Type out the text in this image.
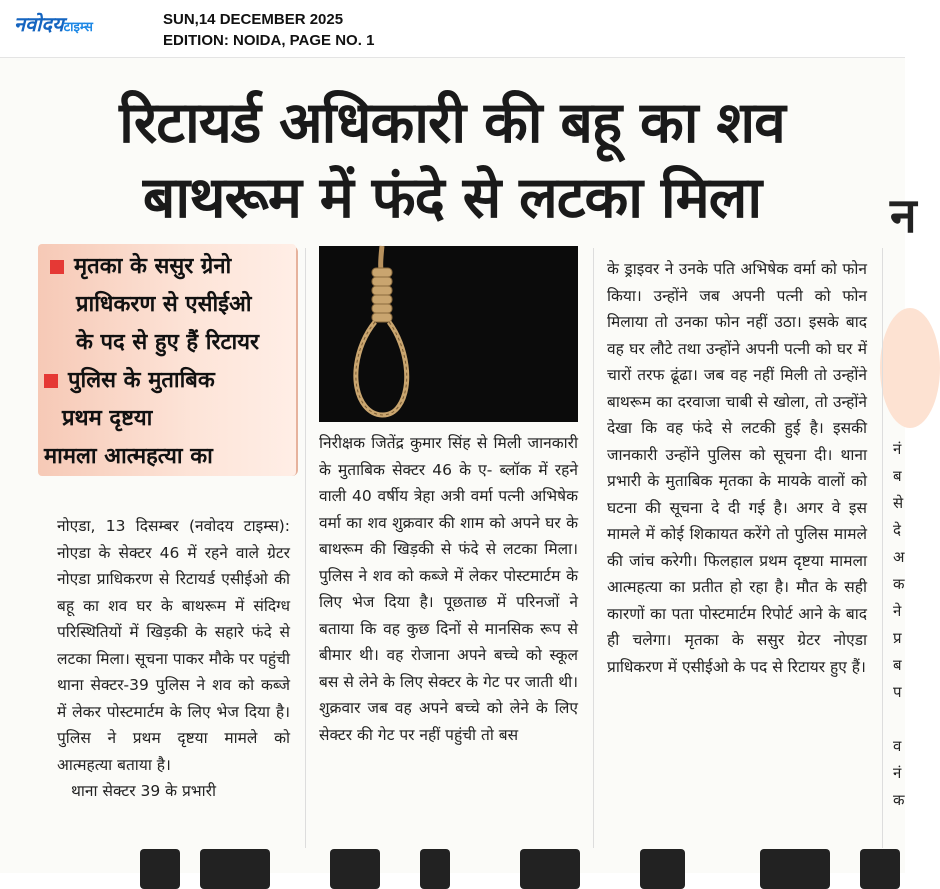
नवोदयटाइम्स	SUN,14 DECEMBER 2025
EDITION: NOIDA, PAGE NO. 1
रिटायर्ड अधिकारी की बहू का शव
बाथरूम में फंदे से लटका मिला	न
मृतका के ससुर ग्रेनो
प्राधिकरण से एसीईओ
के पद से हुए हैं रिटायर
पुलिस के मुताबिक
प्रथम दृष्टया
मामला आत्महत्या का

नोएडा, 13 दिसम्बर (नवोदय टाइम्स): नोएडा के सेक्टर 46 में रहने वाले ग्रेटर नोएडा प्राधिकरण से रिटायर्ड एसीईओ की बहू का शव घर के बाथरूम में संदिग्ध परिस्थितियों में खिड़की के सहारे फंदे से लटका मिला। सूचना पाकर मौके पर पहुंची थाना सेक्टर-39 पुलिस ने शव को कब्जे में लेकर पोस्टमार्टम के लिए भेज दिया है। पुलिस ने प्रथम दृष्टया मामले को आत्महत्या बताया है।

थाना सेक्टर 39 के प्रभारी

निरीक्षक जितेंद्र कुमार सिंह से मिली जानकारी के मुताबिक सेक्टर 46 के ए- ब्लॉक में रहने वाली 40 वर्षीय त्रेहा अत्री वर्मा पत्नी अभिषेक वर्मा का शव शुक्रवार की शाम को अपने घर के बाथरूम की खिड़की से फंदे से लटका मिला। पुलिस ने शव को कब्जे में लेकर पोस्टमार्टम के लिए भेज दिया है। पूछताछ में परिनजों ने बताया कि वह कुछ दिनों से मानसिक रूप से बीमार थी। वह रोजाना अपने बच्चे को स्कूल बस से लेने के लिए सेक्टर के गेट पर जाती थी। शुक्रवार जब वह अपने बच्चे को लेने के लिए सेक्टर की गेट पर नहीं पहुंची तो बस

के ड्राइवर ने उनके पति अभिषेक वर्मा को फोन किया। उन्होंने जब अपनी पत्नी को फोन मिलाया तो उनका फोन नहीं उठा। इसके बाद वह घर लौटे तथा उन्होंने अपनी पत्नी को घर में चारों तरफ ढूंढा। जब वह नहीं मिली तो उन्होंने बाथरूम का दरवाजा चाबी से खोला, तो उन्होंने देखा कि वह फंदे से लटकी हुई है। इसकी जानकारी उन्होंने पुलिस को सूचना दी। थाना प्रभारी के मुताबिक मृतका के मायके वालों को घटना की सूचना दे दी गई है। अगर वे इस मामले में कोई शिकायत करेंगे तो पुलिस मामले की जांच करेगी। फिलहाल प्रथम दृष्टया मामला आत्महत्या का प्रतीत हो रहा है। मौत के सही कारणों का पता पोस्टमार्टम रिपोर्ट आने के बाद ही चलेगा। मृतका के ससुर ग्रेटर नोएडा प्राधिकरण में एसीईओ के पद से रिटायर हुए हैं।

नं
ब
से
दे
अ
क
ने
प्र
ब
प

व
नं
क
